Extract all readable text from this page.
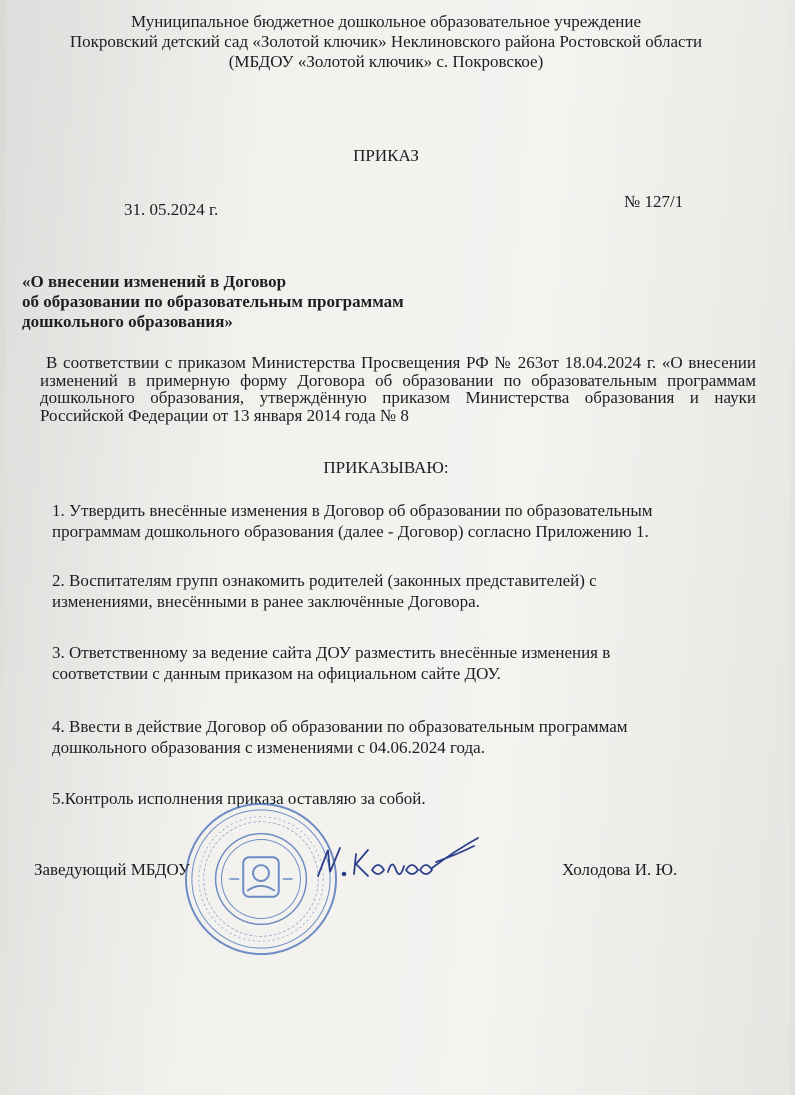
Муниципальное бюджетное дошкольное образовательное учреждение

Покровский детский сад «Золотой ключик» Неклиновского района Ростовской области

(МБДОУ «Золотой ключик» с. Покровское)

ПРИКАЗ

31. 05.2024 г.	№ 127/1

«О внесении изменений в Договор

об образовании по образовательным программам

дошкольного образования»

В соответствии с приказом Министерства Просвещения РФ № 263от 18.04.2024 г. «О внесении изменений в примерную форму Договора об образовании по образовательным программам дошкольного образования, утверждённую приказом Министерства образования и науки Российской Федерации от 13 января 2014 года № 8

ПРИКАЗЫВАЮ:

1. Утвердить внесённые изменения в Договор об образовании по образовательным
программам дошкольного образования (далее - Договор) согласно Приложению 1.
2. Воспитателям групп ознакомить родителей (законных представителей) с
изменениями, внесёнными в ранее заключённые Договора.
3. Ответственному за ведение сайта ДОУ разместить внесённые изменения в
соответствии с данным приказом на официальном сайте ДОУ.
4. Ввести в действие Договор об образовании по образовательным программам
дошкольного образования с изменениями с 04.06.2024 года.
5.Контроль исполнения приказа оставляю за собой.

Заведующий МБДОУ	Холодова И. Ю.
